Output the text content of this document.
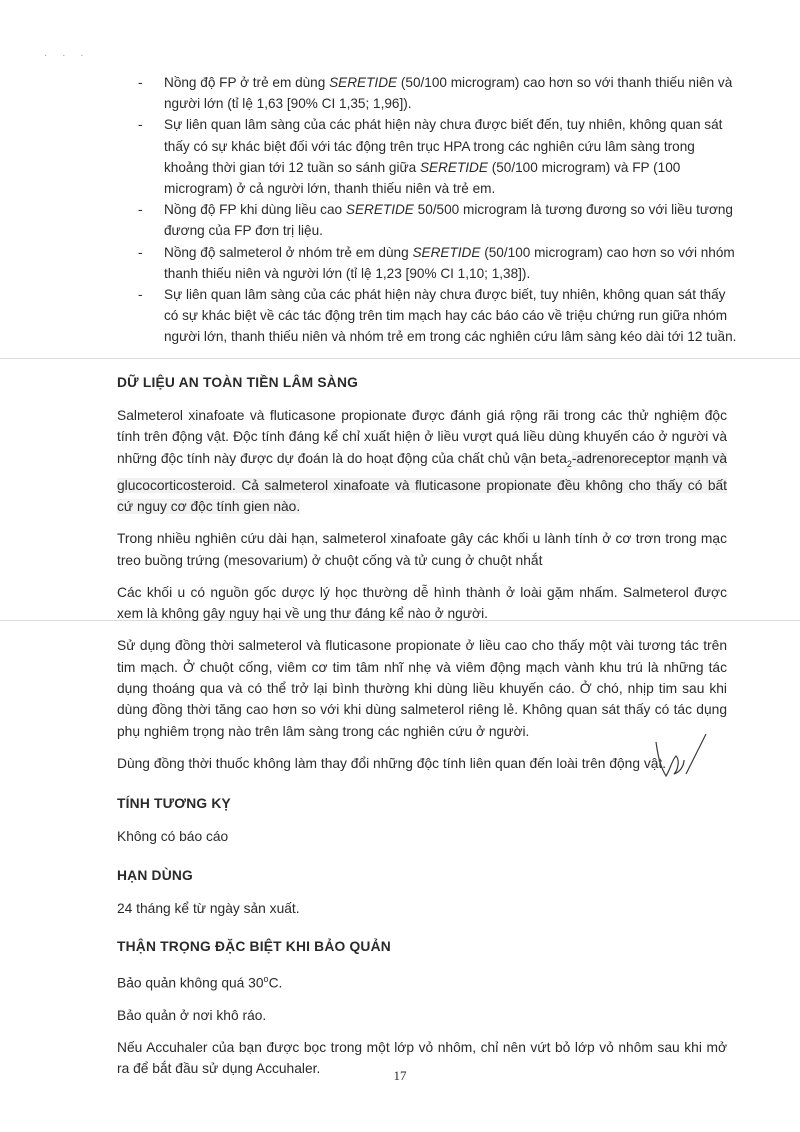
· · ·
- Nồng độ FP ở trẻ em dùng SERETIDE (50/100 microgram) cao hơn so với thanh thiếu niên và người lớn (tỉ lệ 1,63 [90% CI 1,35; 1,96]).
- Sự liên quan lâm sàng của các phát hiện này chưa được biết đến, tuy nhiên, không quan sát thấy có sự khác biệt đối với tác động trên trục HPA trong các nghiên cứu lâm sàng trong khoảng thời gian tới 12 tuần so sánh giữa SERETIDE (50/100 microgram) và FP (100 microgram) ở cả người lớn, thanh thiếu niên và trẻ em.
- Nồng độ FP khi dùng liều cao SERETIDE 50/500 microgram là tương đương so với liều tương đương của FP đơn trị liệu.
- Nồng độ salmeterol ở nhóm trẻ em dùng SERETIDE (50/100 microgram) cao hơn so với nhóm thanh thiếu niên và người lớn (tỉ lệ 1,23 [90% CI 1,10; 1,38]).
- Sự liên quan lâm sàng của các phát hiện này chưa được biết, tuy nhiên, không quan sát thấy có sự khác biệt về các tác động trên tim mạch hay các báo cáo về triệu chứng run giữa nhóm người lớn, thanh thiếu niên và nhóm trẻ em trong các nghiên cứu lâm sàng kéo dài tới 12 tuần.
DỮ LIỆU AN TOÀN TIỀN LÂM SÀNG

Salmeterol xinafoate và fluticasone propionate được đánh giá rộng rãi trong các thử nghiệm độc tính trên động vật. Độc tính đáng kể chỉ xuất hiện ở liều vượt quá liều dùng khuyến cáo ở người và những độc tính này được dự đoán là do hoạt động của chất chủ vận beta$_2$-adrenoreceptor mạnh và glucocorticosteroid. Cả salmeterol xinafoate và fluticasone propionate đều không cho thấy có bất cứ nguy cơ độc tính gien nào.

Trong nhiều nghiên cứu dài hạn, salmeterol xinafoate gây các khối u lành tính ở cơ trơn trong mạc treo buồng trứng (mesovarium) ở chuột cống và tử cung ở chuột nhắt

Các khối u có nguồn gốc dược lý học thường dễ hình thành ở loài gặm nhấm. Salmeterol được xem là không gây nguy hại về ung thư đáng kể nào ở người.

Sử dụng đồng thời salmeterol và fluticasone propionate ở liều cao cho thấy một vài tương tác trên tim mạch. Ở chuột cống, viêm cơ tim tâm nhĩ nhẹ và viêm động mạch vành khu trú là những tác dụng thoáng qua và có thể trở lại bình thường khi dùng liều khuyến cáo. Ở chó, nhịp tim sau khi dùng đồng thời tăng cao hơn so với khi dùng salmeterol riêng lẻ. Không quan sát thấy có tác dụng phụ nghiêm trọng nào trên lâm sàng trong các nghiên cứu ở người.

Dùng đồng thời thuốc không làm thay đổi những độc tính liên quan đến loài trên động vật.

TÍNH TƯƠNG KỴ

Không có báo cáo

HẠN DÙNG

24 tháng kể từ ngày sản xuất.

THẬN TRỌNG ĐẶC BIỆT KHI BẢO QUẢN

Bảo quản không quá 30$^o$C.

Bảo quản ở nơi khô ráo.

Nếu Accuhaler của bạn được bọc trong một lớp vỏ nhôm, chỉ nên vứt bỏ lớp vỏ nhôm sau khi mở ra để bắt đầu sử dụng Accuhaler.	17
